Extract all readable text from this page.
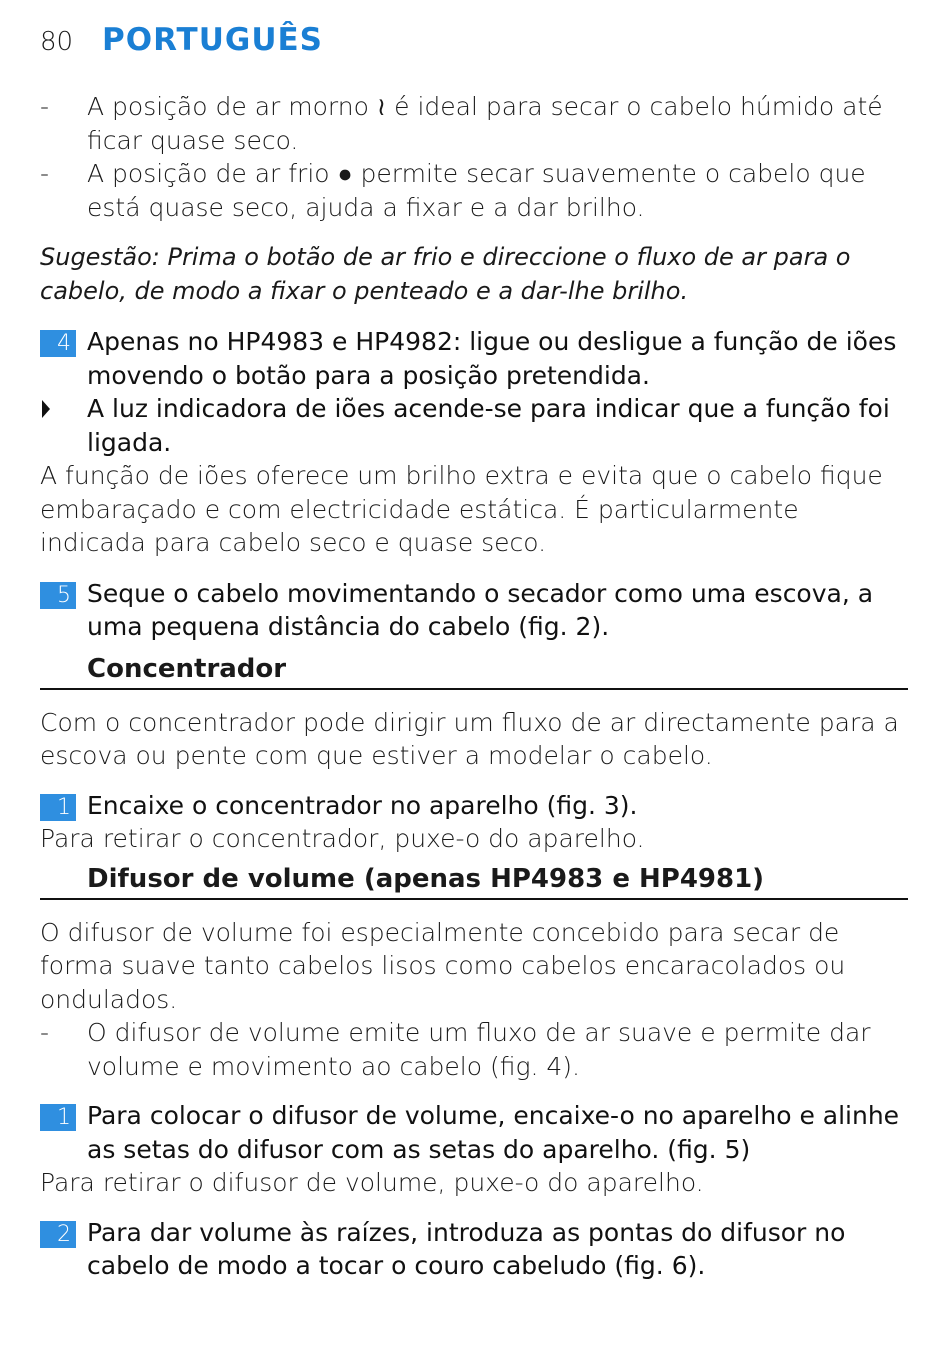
80 PORTUGUÊS
-	A posição de ar morno ≀ é ideal para secar o cabelo húmido até ficar quase seco.
-	A posição de ar frio ● permite secar suavemente o cabelo que está quase seco, ajuda a fixar e a dar brilho.
Sugestão: Prima o botão de ar frio e direccione o fluxo de ar para o cabelo, de modo a fixar o penteado e a dar-lhe brilho.
4 Apenas no HP4983 e HP4982: ligue ou desligue a função de iões movendo o botão para a posição pretendida.
A luz indicadora de iões acende-se para indicar que a função foi ligada.
A função de iões oferece um brilho extra e evita que o cabelo fique embaraçado e com electricidade estática. É particularmente indicada para cabelo seco e quase seco.
5 Seque o cabelo movimentando o secador como uma escova, a uma pequena distância do cabelo (fig. 2).
Concentrador
Com o concentrador pode dirigir um fluxo de ar directamente para a escova ou pente com que estiver a modelar o cabelo.
1 Encaixe o concentrador no aparelho (fig. 3).
Para retirar o concentrador, puxe-o do aparelho.
Difusor de volume (apenas HP4983 e HP4981)
O difusor de volume foi especialmente concebido para secar de forma suave tanto cabelos lisos como cabelos encaracolados ou ondulados.
-	O difusor de volume emite um fluxo de ar suave e permite dar volume e movimento ao cabelo (fig. 4).
1 Para colocar o difusor de volume, encaixe-o no aparelho e alinhe as setas do difusor com as setas do aparelho. (fig. 5)
Para retirar o difusor de volume, puxe-o do aparelho.
2 Para dar volume às raízes, introduza as pontas do difusor no cabelo de modo a tocar o couro cabeludo (fig. 6).
